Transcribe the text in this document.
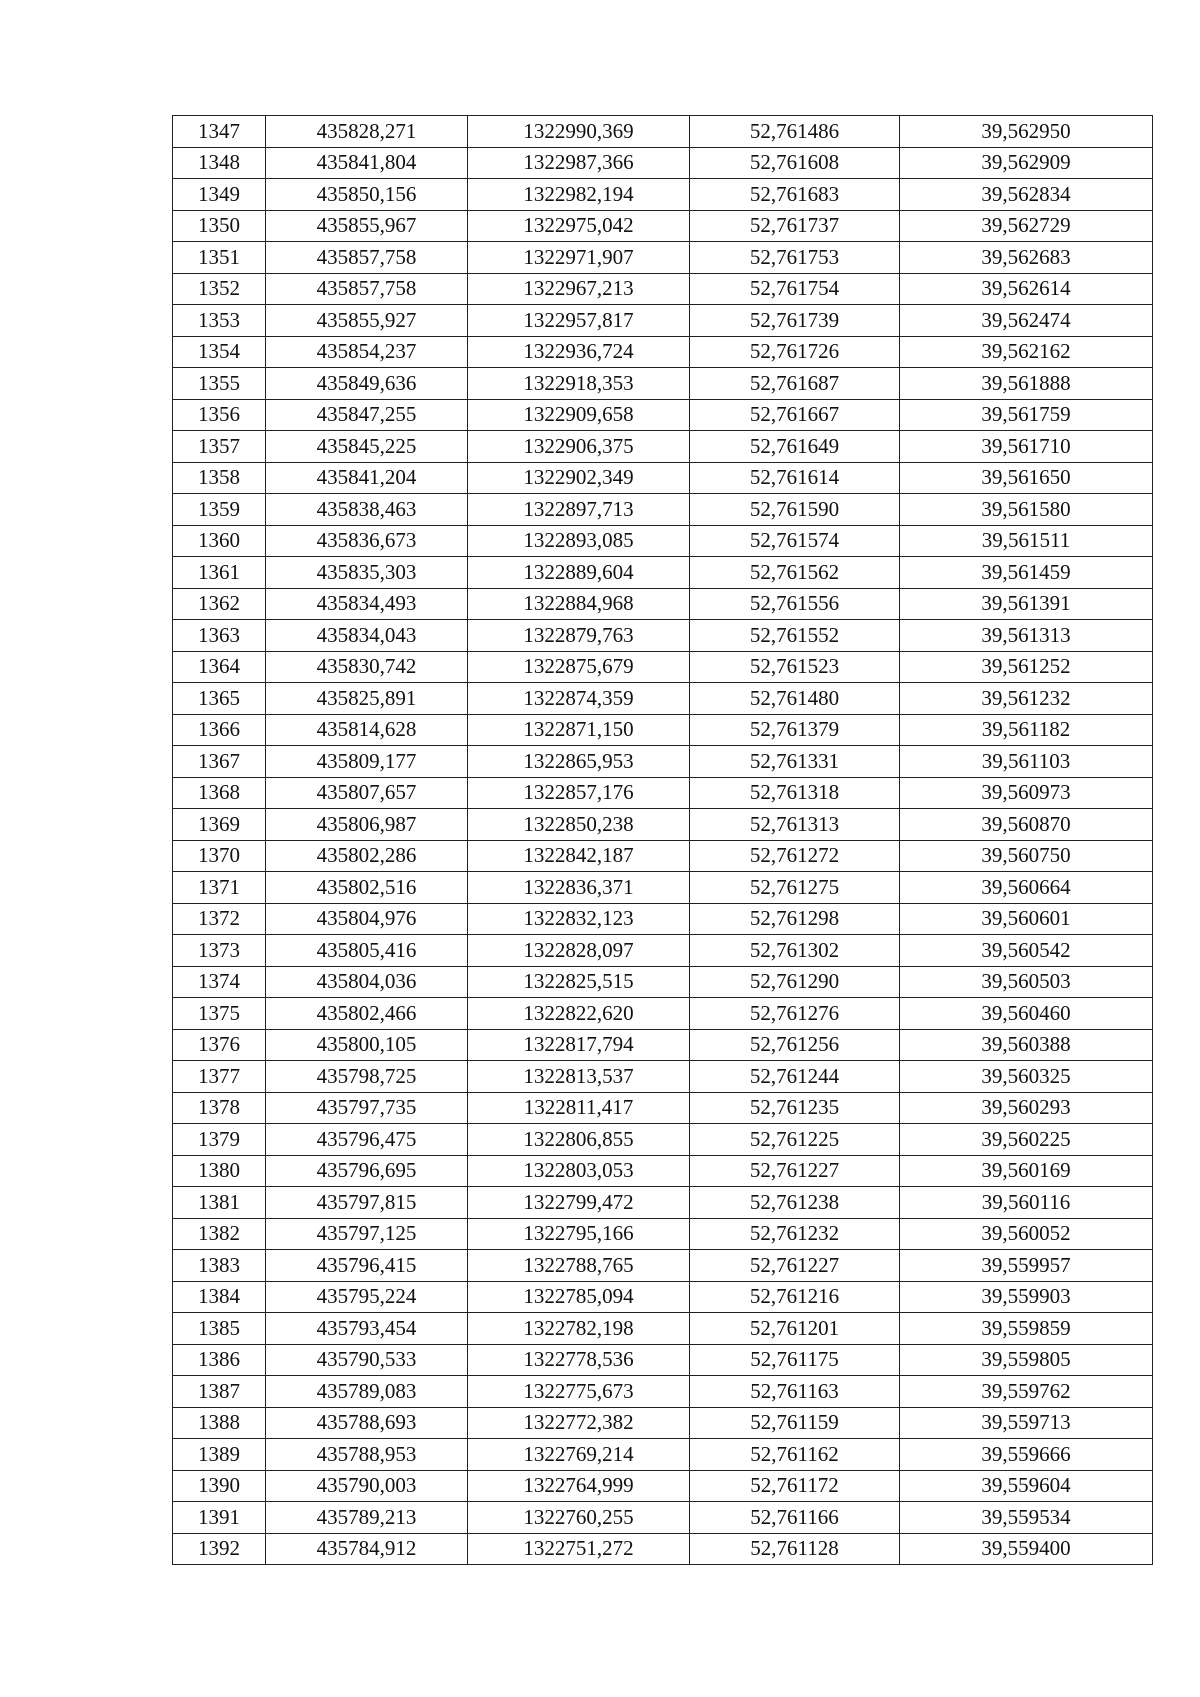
1347	435828,271	1322990,369	52,761486	39,562950
1348	435841,804	1322987,366	52,761608	39,562909
1349	435850,156	1322982,194	52,761683	39,562834
1350	435855,967	1322975,042	52,761737	39,562729
1351	435857,758	1322971,907	52,761753	39,562683
1352	435857,758	1322967,213	52,761754	39,562614
1353	435855,927	1322957,817	52,761739	39,562474
1354	435854,237	1322936,724	52,761726	39,562162
1355	435849,636	1322918,353	52,761687	39,561888
1356	435847,255	1322909,658	52,761667	39,561759
1357	435845,225	1322906,375	52,761649	39,561710
1358	435841,204	1322902,349	52,761614	39,561650
1359	435838,463	1322897,713	52,761590	39,561580
1360	435836,673	1322893,085	52,761574	39,561511
1361	435835,303	1322889,604	52,761562	39,561459
1362	435834,493	1322884,968	52,761556	39,561391
1363	435834,043	1322879,763	52,761552	39,561313
1364	435830,742	1322875,679	52,761523	39,561252
1365	435825,891	1322874,359	52,761480	39,561232
1366	435814,628	1322871,150	52,761379	39,561182
1367	435809,177	1322865,953	52,761331	39,561103
1368	435807,657	1322857,176	52,761318	39,560973
1369	435806,987	1322850,238	52,761313	39,560870
1370	435802,286	1322842,187	52,761272	39,560750
1371	435802,516	1322836,371	52,761275	39,560664
1372	435804,976	1322832,123	52,761298	39,560601
1373	435805,416	1322828,097	52,761302	39,560542
1374	435804,036	1322825,515	52,761290	39,560503
1375	435802,466	1322822,620	52,761276	39,560460
1376	435800,105	1322817,794	52,761256	39,560388
1377	435798,725	1322813,537	52,761244	39,560325
1378	435797,735	1322811,417	52,761235	39,560293
1379	435796,475	1322806,855	52,761225	39,560225
1380	435796,695	1322803,053	52,761227	39,560169
1381	435797,815	1322799,472	52,761238	39,560116
1382	435797,125	1322795,166	52,761232	39,560052
1383	435796,415	1322788,765	52,761227	39,559957
1384	435795,224	1322785,094	52,761216	39,559903
1385	435793,454	1322782,198	52,761201	39,559859
1386	435790,533	1322778,536	52,761175	39,559805
1387	435789,083	1322775,673	52,761163	39,559762
1388	435788,693	1322772,382	52,761159	39,559713
1389	435788,953	1322769,214	52,761162	39,559666
1390	435790,003	1322764,999	52,761172	39,559604
1391	435789,213	1322760,255	52,761166	39,559534
1392	435784,912	1322751,272	52,761128	39,559400
